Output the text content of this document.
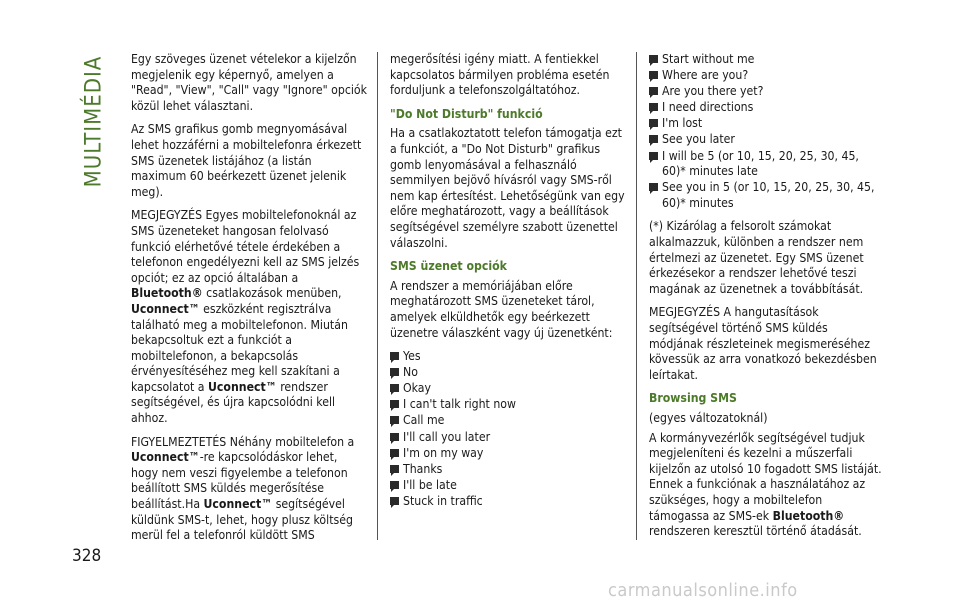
MULTIMÉDIA Egy szöveges üzenet vételekor a kijelzőn megjelenik egy képernyő, amelyen a "Read", "View", "Call" vagy "Ignore" opciók közül lehet választani.

Az SMS grafikus gomb megnyomásával lehet hozzáférni a mobiltelefonra érkezett SMS üzenetek listájához (a listán maximum 60 beérkezett üzenet jelenik meg).

MEGJEGYZÉS Egyes mobiltelefonoknál az SMS üzeneteket hangosan felolvasó funkció elérhetővé tétele érdekében a telefonon engedélyezni kell az SMS jelzés opciót; ez az opció általában a Bluetooth® csatlakozások menüben, Uconnect™ eszközként regisztrálva található meg a mobiltelefonon. Miután bekapcsoltuk ezt a funkciót a mobiltelefonon, a bekapcsolás érvényesítéséhez meg kell szakítani a kapcsolatot a Uconnect™ rendszer segítségével, és újra kapcsolódni kell ahhoz.

FIGYELMEZTETÉS Néhány mobiltelefon a Uconnect™-re kapcsolódáskor lehet, hogy nem veszi figyelembe a telefonon beállított SMS küldés megerősítése beállítást.Ha Uconnect™ segítségével küldünk SMS-t, lehet, hogy plusz költség merül fel a telefonról küldött SMS

megerősítési igény miatt. A fentiekkel kapcsolatos bármilyen probléma esetén forduljunk a telefonszolgáltatóhoz.

"Do Not Disturb" funkció

Ha a csatlakoztatott telefon támogatja ezt a funkciót, a "Do Not Disturb" grafikus gomb lenyomásával a felhasználó semmilyen bejövő hívásról vagy SMS-ről nem kap értesítést. Lehetőségünk van egy előre meghatározott, vagy a beállítások segítségével személyre szabott üzenettel válaszolni.

SMS üzenet opciók

A rendszer a memóriájában előre meghatározott SMS üzeneteket tárol, amelyek elküldhetők egy beérkezett üzenetre válaszként vagy új üzenetként:

Yes
No
Okay
I can't talk right now
Call me
I'll call you later
I'm on my way
Thanks
I'll be late
Stuck in traffic
Start without me
Where are you?
Are you there yet?
I need directions
I'm lost
See you later
I will be 5 (or 10, 15, 20, 25, 30, 45, 60)* minutes late
See you in 5 (or 10, 15, 20, 25, 30, 45, 60)* minutes

(*) Kizárólag a felsorolt számokat alkalmazzuk, különben a rendszer nem értelmezi az üzenetet. Egy SMS üzenet érkezésekor a rendszer lehetővé teszi magának az üzenetnek a továbbítását.

MEGJEGYZÉS A hangutasítások segítségével történő SMS küldés módjának részleteinek megismeréséhez kövessük az arra vonatkozó bekezdésben leírtakat.

Browsing SMS

(egyes változatoknál)

A kormányvezérlők segítségével tudjuk megjeleníteni és kezelni a műszerfali kijelzőn az utolsó 10 fogadott SMS listáját. Ennek a funkciónak a használatához az szükséges, hogy a mobiltelefon támogassa az SMS-ek Bluetooth® rendszeren keresztül történő átadását.

328
carmanualsonline.info
